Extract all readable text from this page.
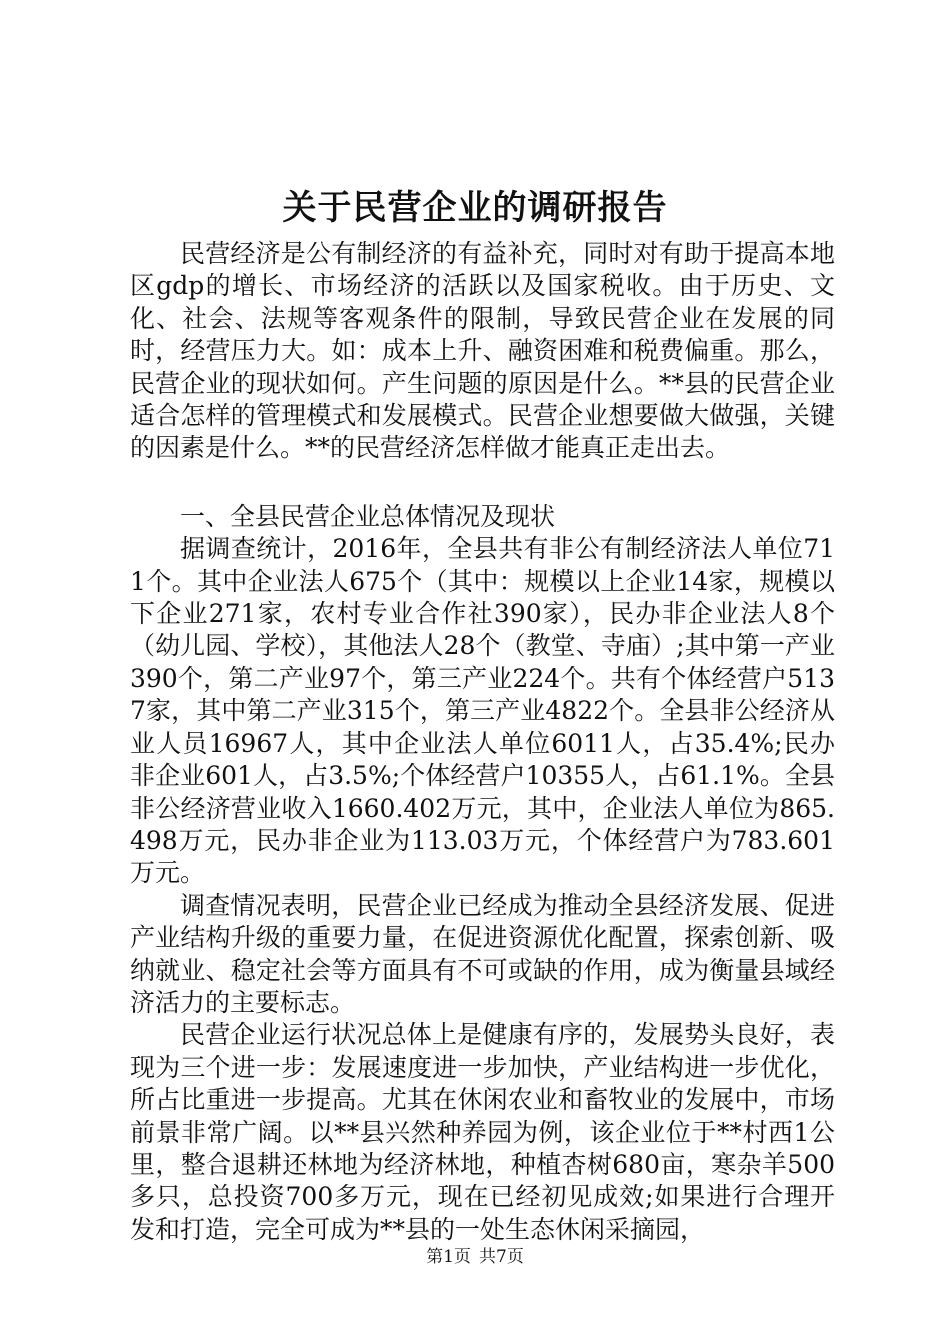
关于民营企业的调研报告

民营经济是公有制经济的有益补充，同时对有助于提高本地区gdp的增长、市场经济的活跃以及国家税收。由于历史、文化、社会、法规等客观条件的限制，导致民营企业在发展的同时，经营压力大。如：成本上升、融资困难和税费偏重。那么，民营企业的现状如何。产生问题的原因是什么。**县的民营企业适合怎样的管理模式和发展模式。民营企业想要做大做强，关键的因素是什么。**的民营经济怎样做才能真正走出去。

一、全县民营企业总体情况及现状

据调查统计，2016年，全县共有非公有制经济法人单位711个。其中企业法人675个（其中：规模以上企业14家，规模以下企业271家，农村专业合作社390家），民办非企业法人8个（幼儿园、学校），其他法人28个（教堂、寺庙）;其中第一产业390个，第二产业97个，第三产业224个。共有个体经营户5137家，其中第二产业315个，第三产业4822个。全县非公经济从业人员16967人，其中企业法人单位6011人，占35.4%;民办非企业601人，占3.5%;个体经营户10355人，占61.1%。全县非公经济营业收入1660.402万元，其中，企业法人单位为865.498万元，民办非企业为113.03万元，个体经营户为783.601万元。

调查情况表明，民营企业已经成为推动全县经济发展、促进产业结构升级的重要力量，在促进资源优化配置，探索创新、吸纳就业、稳定社会等方面具有不可或缺的作用，成为衡量县域经济活力的主要标志。

民营企业运行状况总体上是健康有序的，发展势头良好，表现为三个进一步：发展速度进一步加快，产业结构进一步优化，所占比重进一步提高。尤其在休闲农业和畜牧业的发展中，市场前景非常广阔。以**县兴然种养园为例，该企业位于**村西1公里，整合退耕还林地为经济林地，种植杏树680亩，寒杂羊500多只，总投资700多万元，现在已经初见成效;如果进行合理开发和打造，完全可成为**县的一处生态休闲采摘园，

第1页 共7页
